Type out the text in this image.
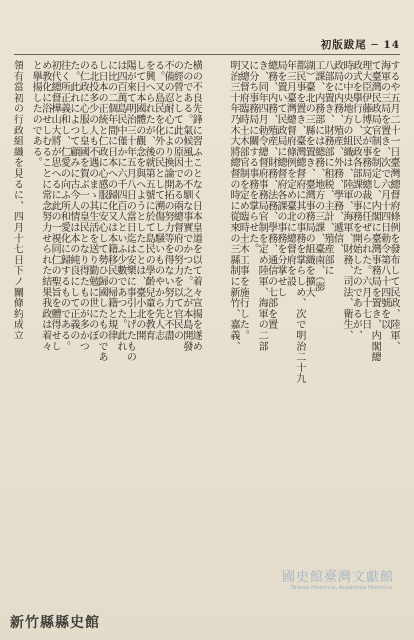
初版跋尾 ─ 14
するや五月二十一日臺灣總督府條例を發布して民政、陸軍、
海軍の三局を置き、次で六月十四日勅令第八十四號を以
て臺灣民政局官制を制定し、内閣に臺灣事務局を置き、内閣總
理大臣伊藤博文が事務局總裁に任ぜられた。六月十七日
政式を擧行し、民政各部課の事務を開始したのであるが、
時の中央地方の組織は、陸軍、海軍、財務、司法、衛生、
政局に内務、殖産、外務、學務、遞信、
八部を置き、財務部に租税、主計、殖産部に
工課、内務部には總務、地方の三課、臺南、（澎
湖）臺北の三縣を置き、臺灣事務局の組織を擴大
都民事を置き、臺灣總督府に其の事務を掌らしめ、次で明治二十九
年三月臺灣總督府條例を定め臺北に總督府を設
局を置いて民政局に總督府各課の事務を分掌せし
總務、内務、殖産、財務、法務、學務、通信の七部を置
き、同年四月勅令總督府事務局官制を定め陸軍、海軍の二部
に分ち事務局に關する事務を掌らせた。
又總督府臨時土木部官制を定め臨時土木工事を施行した。
明治三十年乃木大將總督の時に從來の三縣制に新竹、嘉義、
横の不良先鋒に習ふことなく日本皇道を以て着々宣揚を遂め
たのである。氣候風土の不馴な事實でかつた。之が本島開發
の經營として此の原因である兩總督府の努力を以て官民の
不備の忍耐心により換論開拓の努力等を得ない努力と不盡
る。又島民を化外の民として溯傷し騒いものやから先人志
を興へられたが、後就第五號に於て島民の學齡兒童を教育
して日本國體の觀念を與へようとしたことは、臺小北の開
陽が來て明治三十年五月八日の當日迄は安樂に事引上げたもの
は四百萬島民中僅かに六千四百人といふ少數であつた。此れ
に比の二個年間に日本への歸化又は本籍移民の帰籍と規律
し日本の正統と仁政に心感服に安心して勢ひ歸國したものであ
る北投多少の人も不遇のまゝ其生活を送り勤勉に世にのぼ
の仁政に心服し皇國を賀ぶ一の皇民となり得たものが多かつ
た。此れによつて顧みに古今人情は本の純良にして正義の
往く所正義和し、仁愛の向ふ所和愛化に歸するものである。
初代總督樺山大將が思へるに此の一視同仁の聖旨を體得せし
め教化に浴せしむることに常念努力せられた結果我政は着々
と擧揚したのである。
領有當初の行政組織を見るに、四月十七日下ノ關條約成立
國史館臺灣文獻館
Taiwan Historica, Academia Historica
新竹縣縣史館
